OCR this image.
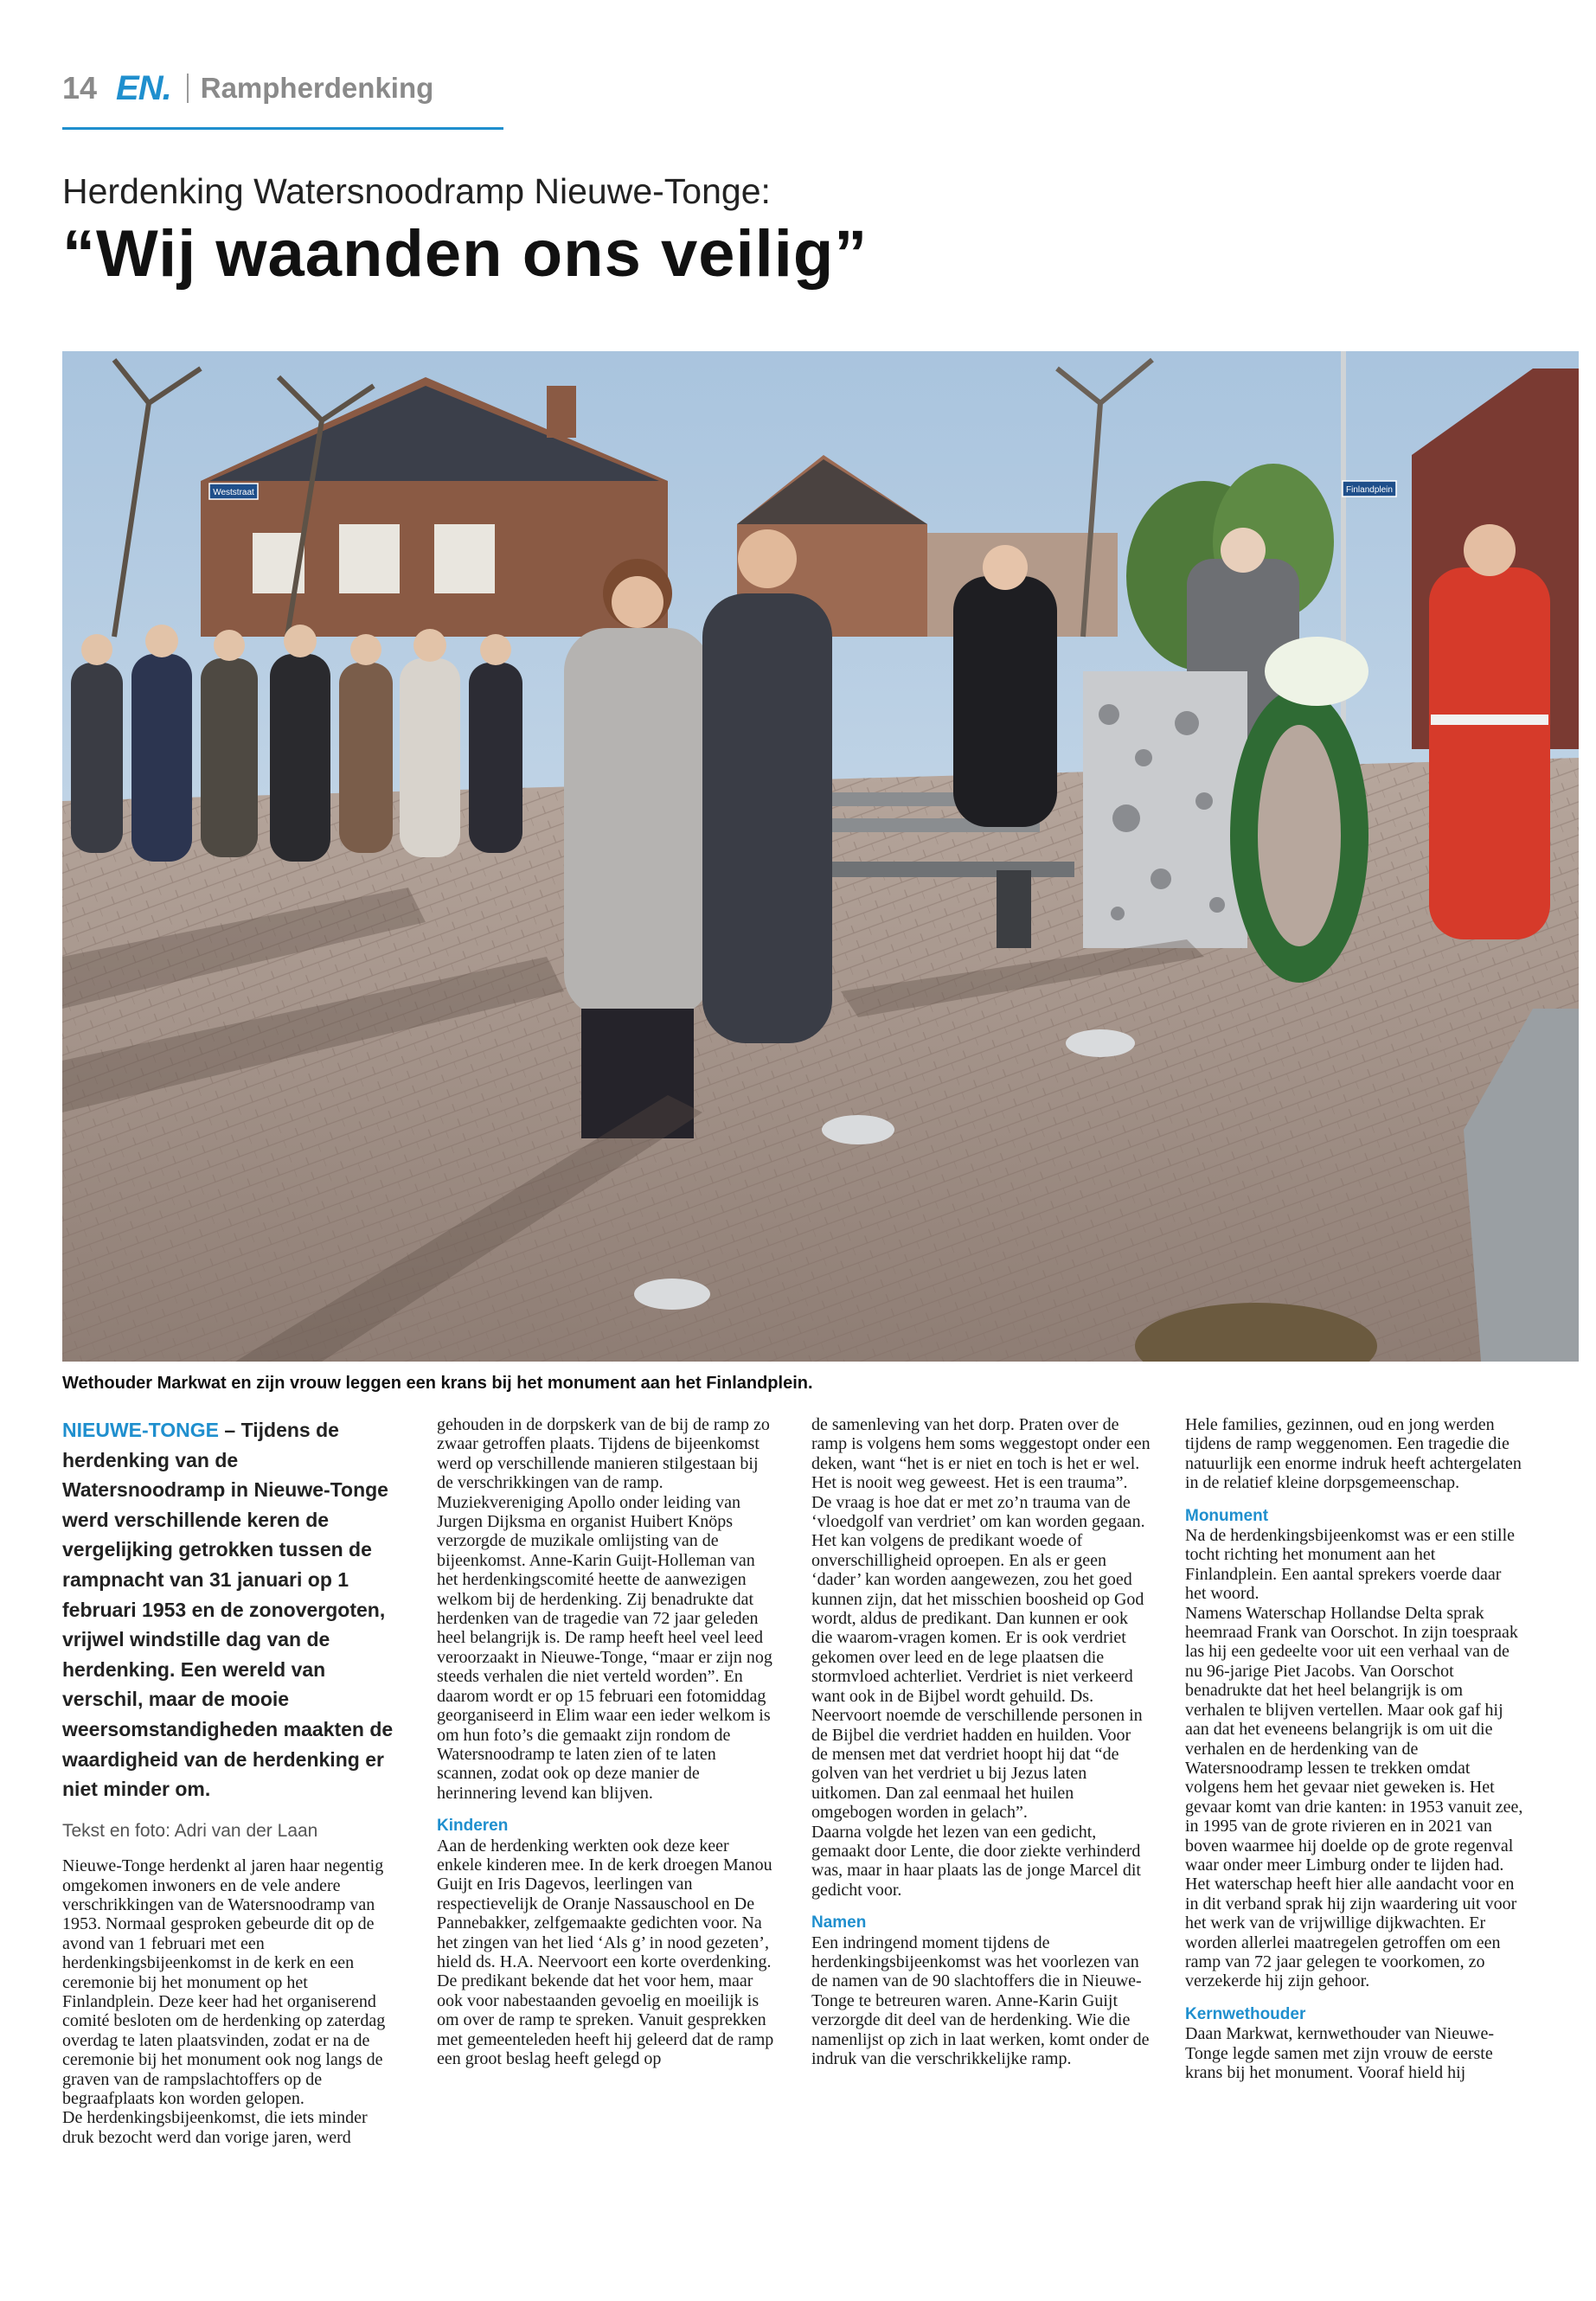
14 EN. Rampherdenking
Herdenking Watersnoodramp Nieuwe-Tonge:
“Wij waanden ons veilig”
Weststraat	Finlandplein
Wethouder Markwat en zijn vrouw leggen een krans bij het monument aan het Finlandplein.

NIEUWE-TONGE – Tijdens de herdenking van de Watersnoodramp in Nieuwe-Tonge werd verschillende keren de vergelijking getrokken tussen de rampnacht van 31 januari op 1 februari 1953 en de zonovergoten, vrijwel windstille dag van de herdenking. Een wereld van verschil, maar de mooie weersomstandigheden maakten de waardigheid van de herdenking er niet minder om.

Tekst en foto: Adri van der Laan

Nieuwe-Tonge herdenkt al jaren haar negentig omgekomen inwoners en de vele andere verschrikkingen van de Watersnoodramp van 1953. Normaal gesproken gebeurde dit op de avond van 1 februari met een herdenkingsbijeenkomst in de kerk en een ceremonie bij het monument op het Finlandplein. Deze keer had het organiserend comité besloten om de herdenking op zaterdag overdag te laten plaatsvinden, zodat er na de ceremonie bij het monument ook nog langs de graven van de rampslachtoffers op de begraafplaats kon worden gelopen.

De herdenkingsbijeenkomst, die iets minder druk bezocht werd dan vorige jaren, werd

gehouden in de dorpskerk van de bij de ramp zo zwaar getroffen plaats. Tijdens de bijeenkomst werd op verschillende manieren stilgestaan bij de verschrikkingen van de ramp. Muziekvereniging Apollo onder leiding van Jurgen Dijksma en organist Huibert Knöps verzorgde de muzikale omlijsting van de bijeenkomst. Anne-Karin Guijt-Holleman van het herdenkingscomité heette de aanwezigen welkom bij de herdenking. Zij benadrukte dat herdenken van de tragedie van 72 jaar geleden heel belangrijk is. De ramp heeft heel veel leed veroorzaakt in Nieuwe-Tonge, “maar er zijn nog steeds verhalen die niet verteld worden”. En daarom wordt er op 15 februari een fotomiddag georganiseerd in Elim waar een ieder welkom is om hun foto’s die gemaakt zijn rondom de Watersnoodramp te laten zien of te laten scannen, zodat ook op deze manier de herinnering levend kan blijven.

Kinderen

Aan de herdenking werkten ook deze keer enkele kinderen mee. In de kerk droegen Manou Guijt en Iris Dagevos, leerlingen van respectievelijk de Oranje Nassauschool en De Pannebakker, zelfgemaakte gedichten voor. Na het zingen van het lied ‘Als g’ in nood gezeten’, hield ds. H.A. Neervoort een korte overdenking. De predikant bekende dat het voor hem, maar ook voor nabestaanden gevoelig en moeilijk is om over de ramp te spreken. Vanuit gesprekken met gemeenteleden heeft hij geleerd dat de ramp een groot beslag heeft gelegd op

de samenleving van het dorp. Praten over de ramp is volgens hem soms weggestopt onder een deken, want “het is er niet en toch is het er wel. Het is nooit weg geweest. Het is een trauma”. De vraag is hoe dat er met zo’n trauma van de ‘vloedgolf van verdriet’ om kan worden gegaan. Het kan volgens de predikant woede of onverschilligheid oproepen. En als er geen ‘dader’ kan worden aangewezen, zou het goed kunnen zijn, dat het misschien boosheid op God wordt, aldus de predikant. Dan kunnen er ook die waarom-vragen komen. Er is ook verdriet gekomen over leed en de lege plaatsen die stormvloed achterliet. Verdriet is niet verkeerd want ook in de Bijbel wordt gehuild. Ds. Neervoort noemde de verschillende personen in de Bijbel die verdriet hadden en huilden. Voor de mensen met dat verdriet hoopt hij dat “de golven van het verdriet u bij Jezus laten uitkomen. Dan zal eenmaal het huilen omgebogen worden in gelach”.

Daarna volgde het lezen van een gedicht, gemaakt door Lente, die door ziekte verhinderd was, maar in haar plaats las de jonge Marcel dit gedicht voor.

Namen

Een indringend moment tijdens de herdenkingsbijeenkomst was het voorlezen van de namen van de 90 slachtoffers die in Nieuwe-Tonge te betreuren waren. Anne-Karin Guijt verzorgde dit deel van de herdenking. Wie die namenlijst op zich in laat werken, komt onder de indruk van die verschrikkelijke ramp.

Hele families, gezinnen, oud en jong werden tijdens de ramp weggenomen. Een tragedie die natuurlijk een enorme indruk heeft achtergelaten in de relatief kleine dorpsgemeenschap.

Monument

Na de herdenkingsbijeenkomst was er een stille tocht richting het monument aan het Finlandplein. Een aantal sprekers voerde daar het woord.

Namens Waterschap Hollandse Delta sprak heemraad Frank van Oorschot. In zijn toespraak las hij een gedeelte voor uit een verhaal van de nu 96-jarige Piet Jacobs. Van Oorschot benadrukte dat het heel belangrijk is om verhalen te blijven vertellen. Maar ook gaf hij aan dat het eveneens belangrijk is om uit die verhalen en de herdenking van de Watersnoodramp lessen te trekken omdat volgens hem het gevaar niet geweken is. Het gevaar komt van drie kanten: in 1953 vanuit zee, in 1995 van de grote rivieren en in 2021 van boven waarmee hij doelde op de grote regenval waar onder meer Limburg onder te lijden had. Het waterschap heeft hier alle aandacht voor en in dit verband sprak hij zijn waardering uit voor het werk van de vrijwillige dijkwachten. Er worden allerlei maatregelen getroffen om een ramp van 72 jaar gelegen te voorkomen, zo verzekerde hij zijn gehoor.

Kernwethouder

Daan Markwat, kernwethouder van Nieuwe-Tonge legde samen met zijn vrouw de eerste krans bij het monument. Vooraf hield hij
